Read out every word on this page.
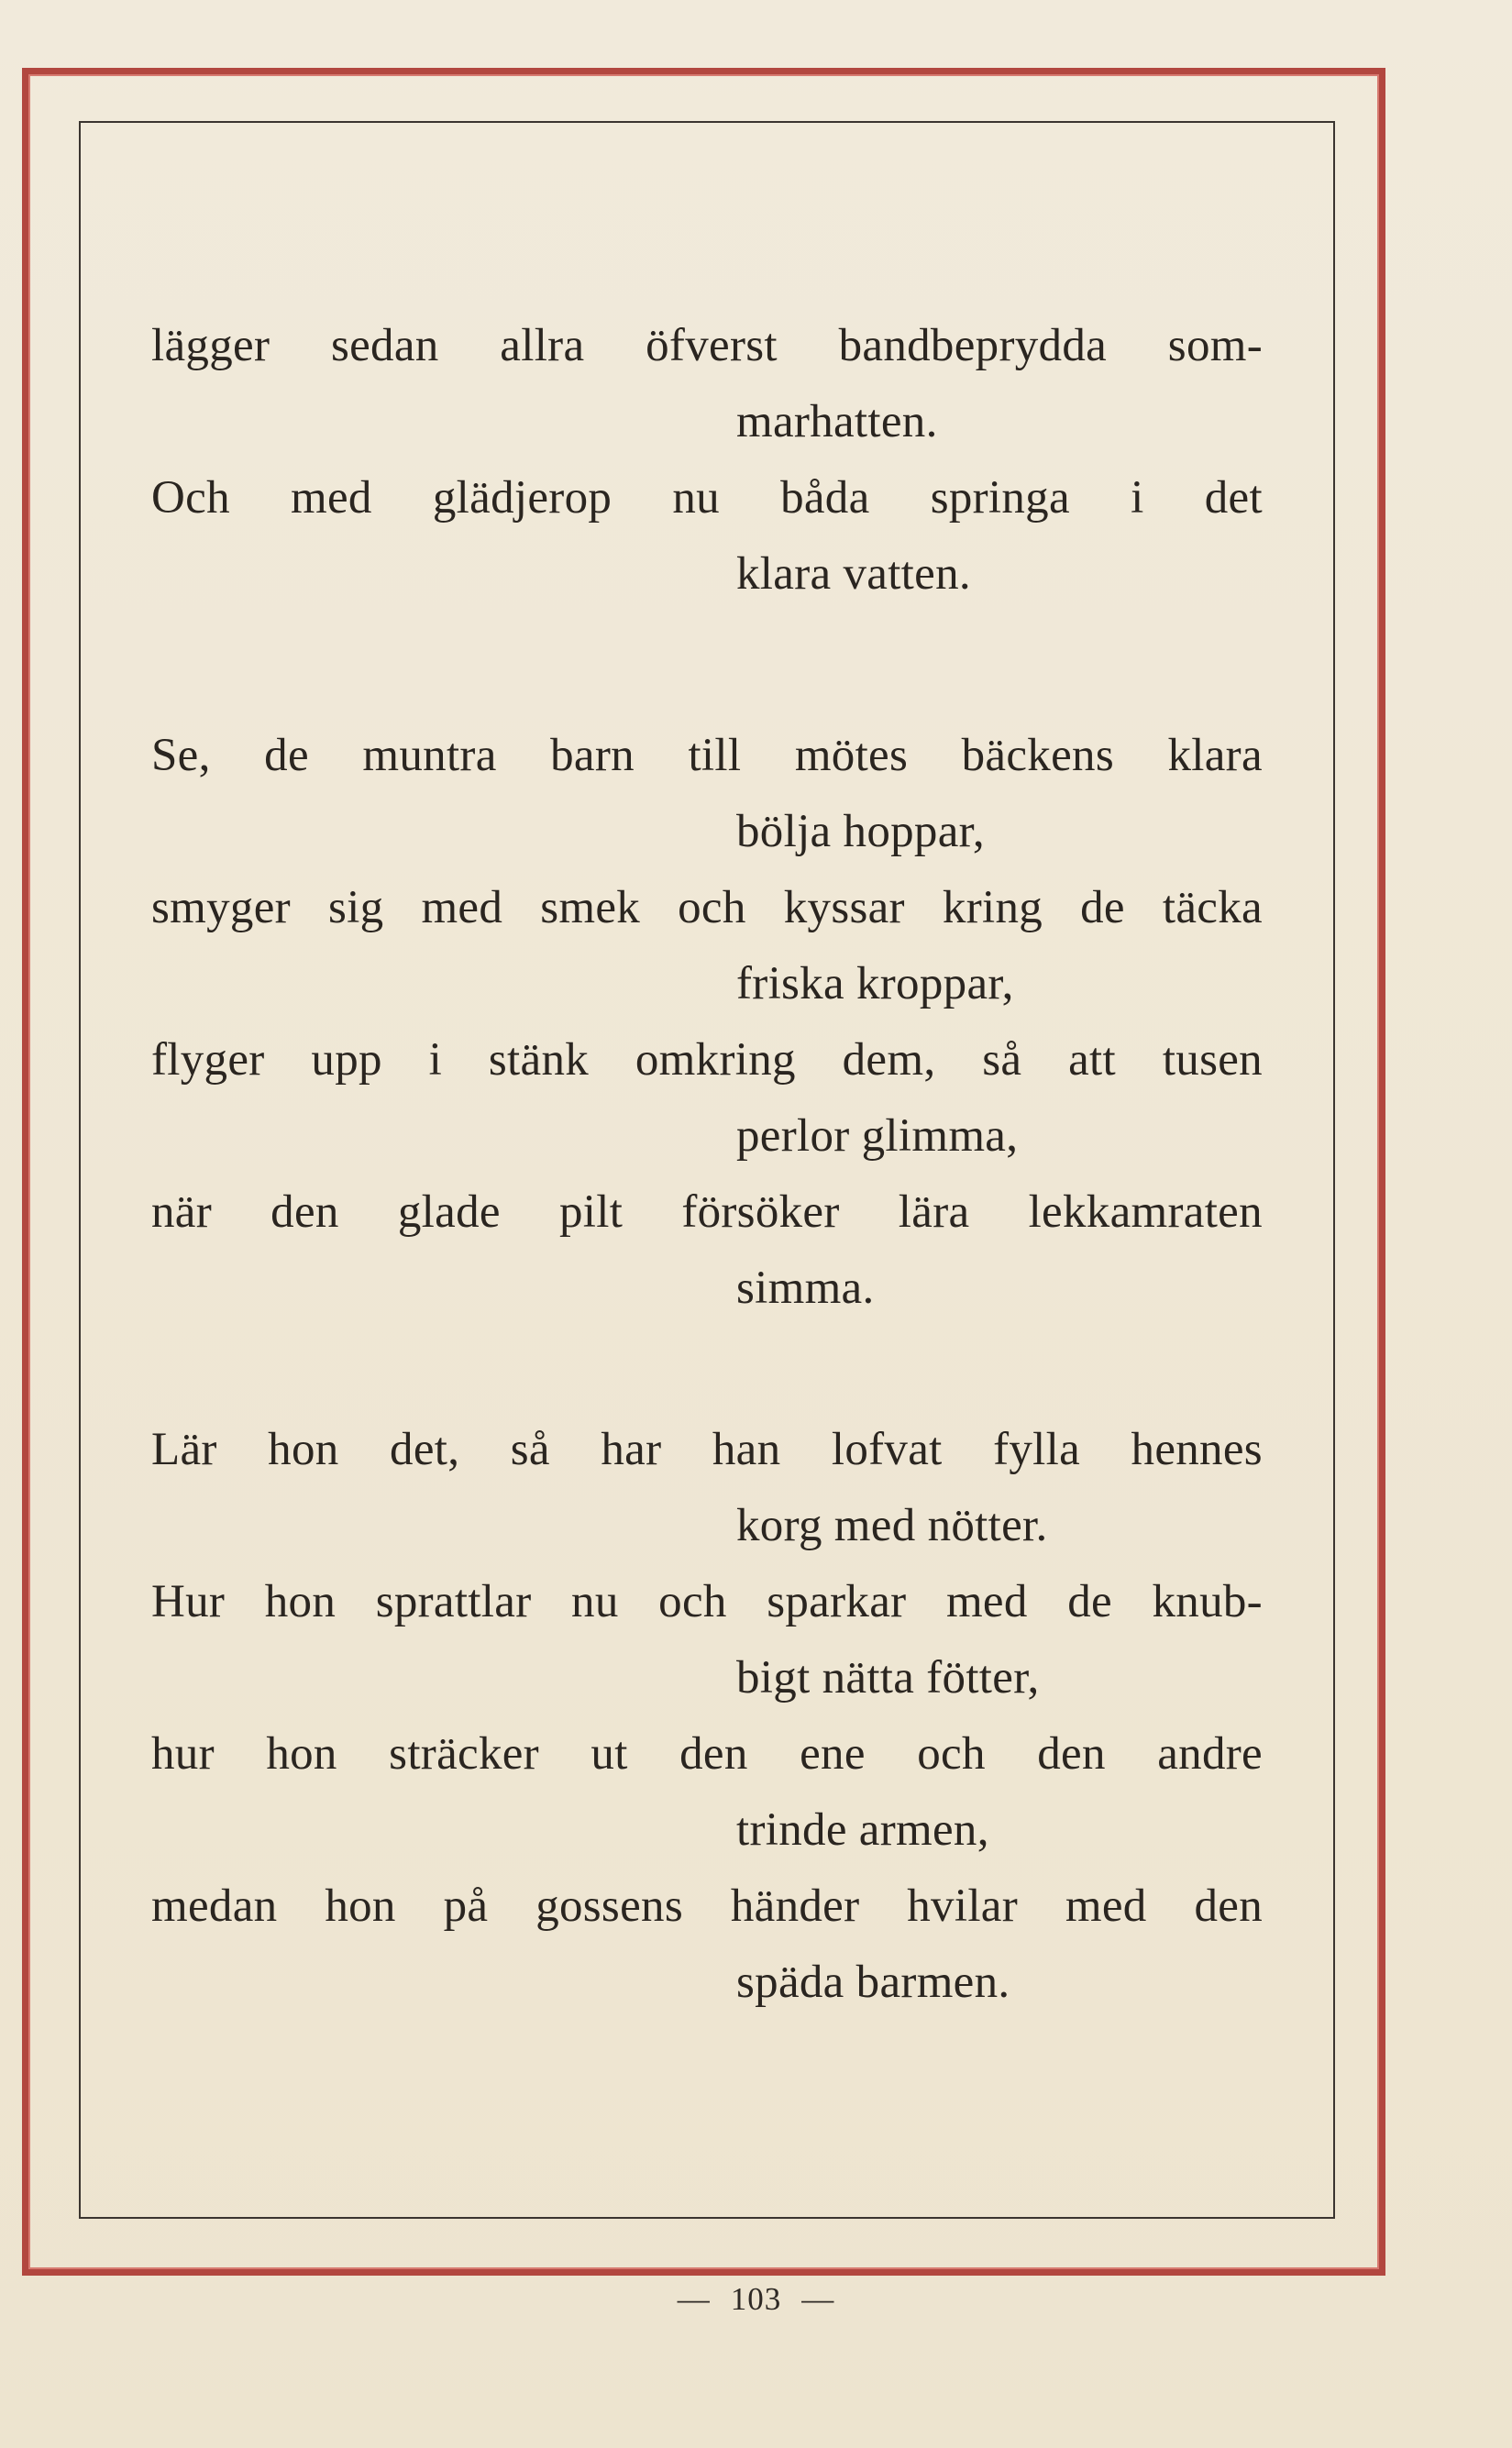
lägger sedan allra öfverst bandbeprydda som-
marhatten.
Och med glädjerop nu båda springa i det
klara vatten.
Se, de muntra barn till mötes bäckens klara
bölja hoppar,
smyger sig med smek och kyssar kring de täcka
friska kroppar,
flyger upp i stänk omkring dem, så att tusen
perlor glimma,
när den glade pilt försöker lära lekkamraten
simma.
Lär hon det, så har han lofvat fylla hennes
korg med nötter.
Hur hon sprattlar nu och sparkar med de knub-
bigt nätta fötter,
hur hon sträcker ut den ene och den andre
trinde armen,
medan hon på gossens händer hvilar med den
späda barmen.
— 103 —
